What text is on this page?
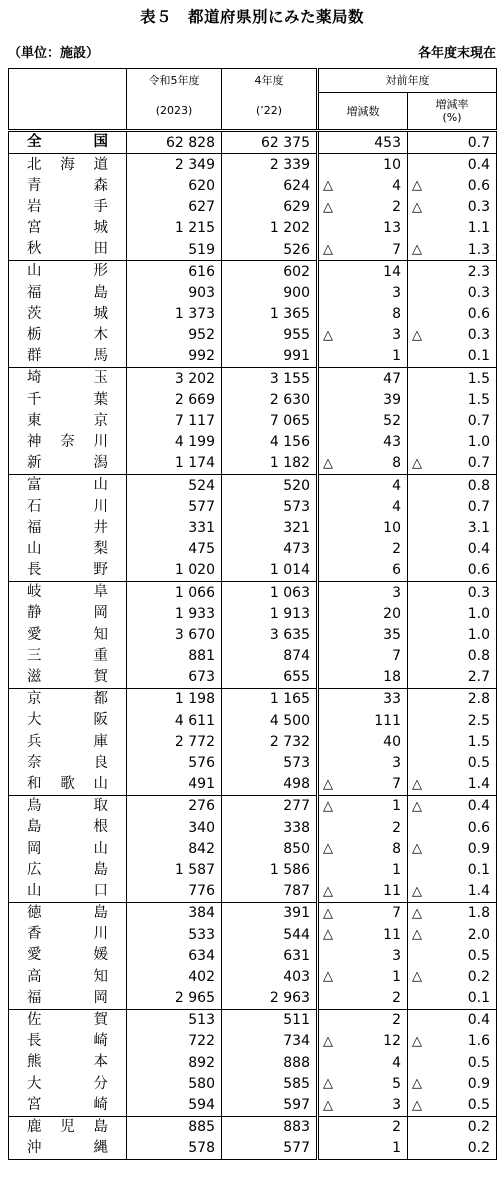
表５　都道府県別にみた薬局数
（単位：施設）	各年度末現在
	令和5年度	4年度	対前年度			
	(2023)	(’22)	増減数		増減率
(%)	

全　国	62 828	62 375		453		0.7
北海道	2 349	2 339		10		0.4
青森	620	624	△	4	△	0.6
岩手	627	629	△	2	△	0.3
宮城	1 215	1 202		13		1.1
秋田	519	526	△	7	△	1.3
山形	616	602		14		2.3
福島	903	900		3		0.3
茨城	1 373	1 365		8		0.6
栃木	952	955	△	3	△	0.3
群馬	992	991		1		0.1
埼玉	3 202	3 155		47		1.5
千葉	2 669	2 630		39		1.5
東京	7 117	7 065		52		0.7
神奈川	4 199	4 156		43		1.0
新潟	1 174	1 182	△	8	△	0.7
富山	524	520		4		0.8
石川	577	573		4		0.7
福井	331	321		10		3.1
山梨	475	473		2		0.4
長野	1 020	1 014		6		0.6
岐阜	1 066	1 063		3		0.3
静岡	1 933	1 913		20		1.0
愛知	3 670	3 635		35		1.0
三重	881	874		7		0.8
滋賀	673	655		18		2.7
京都	1 198	1 165		33		2.8
大阪	4 611	4 500		111		2.5
兵庫	2 772	2 732		40		1.5
奈良	576	573		3		0.5
和歌山	491	498	△	7	△	1.4
鳥取	276	277	△	1	△	0.4
島根	340	338		2		0.6
岡山	842	850	△	8	△	0.9
広島	1 587	1 586		1		0.1
山口	776	787	△	11	△	1.4
徳島	384	391	△	7	△	1.8
香川	533	544	△	11	△	2.0
愛媛	634	631		3		0.5
高知	402	403	△	1	△	0.2
福岡	2 965	2 963		2		0.1
佐賀	513	511		2		0.4
長崎	722	734	△	12	△	1.6
熊本	892	888		4		0.5
大分	580	585	△	5	△	0.9
宮崎	594	597	△	3	△	0.5
鹿児島	885	883		2		0.2
沖縄	578	577		1		0.2
